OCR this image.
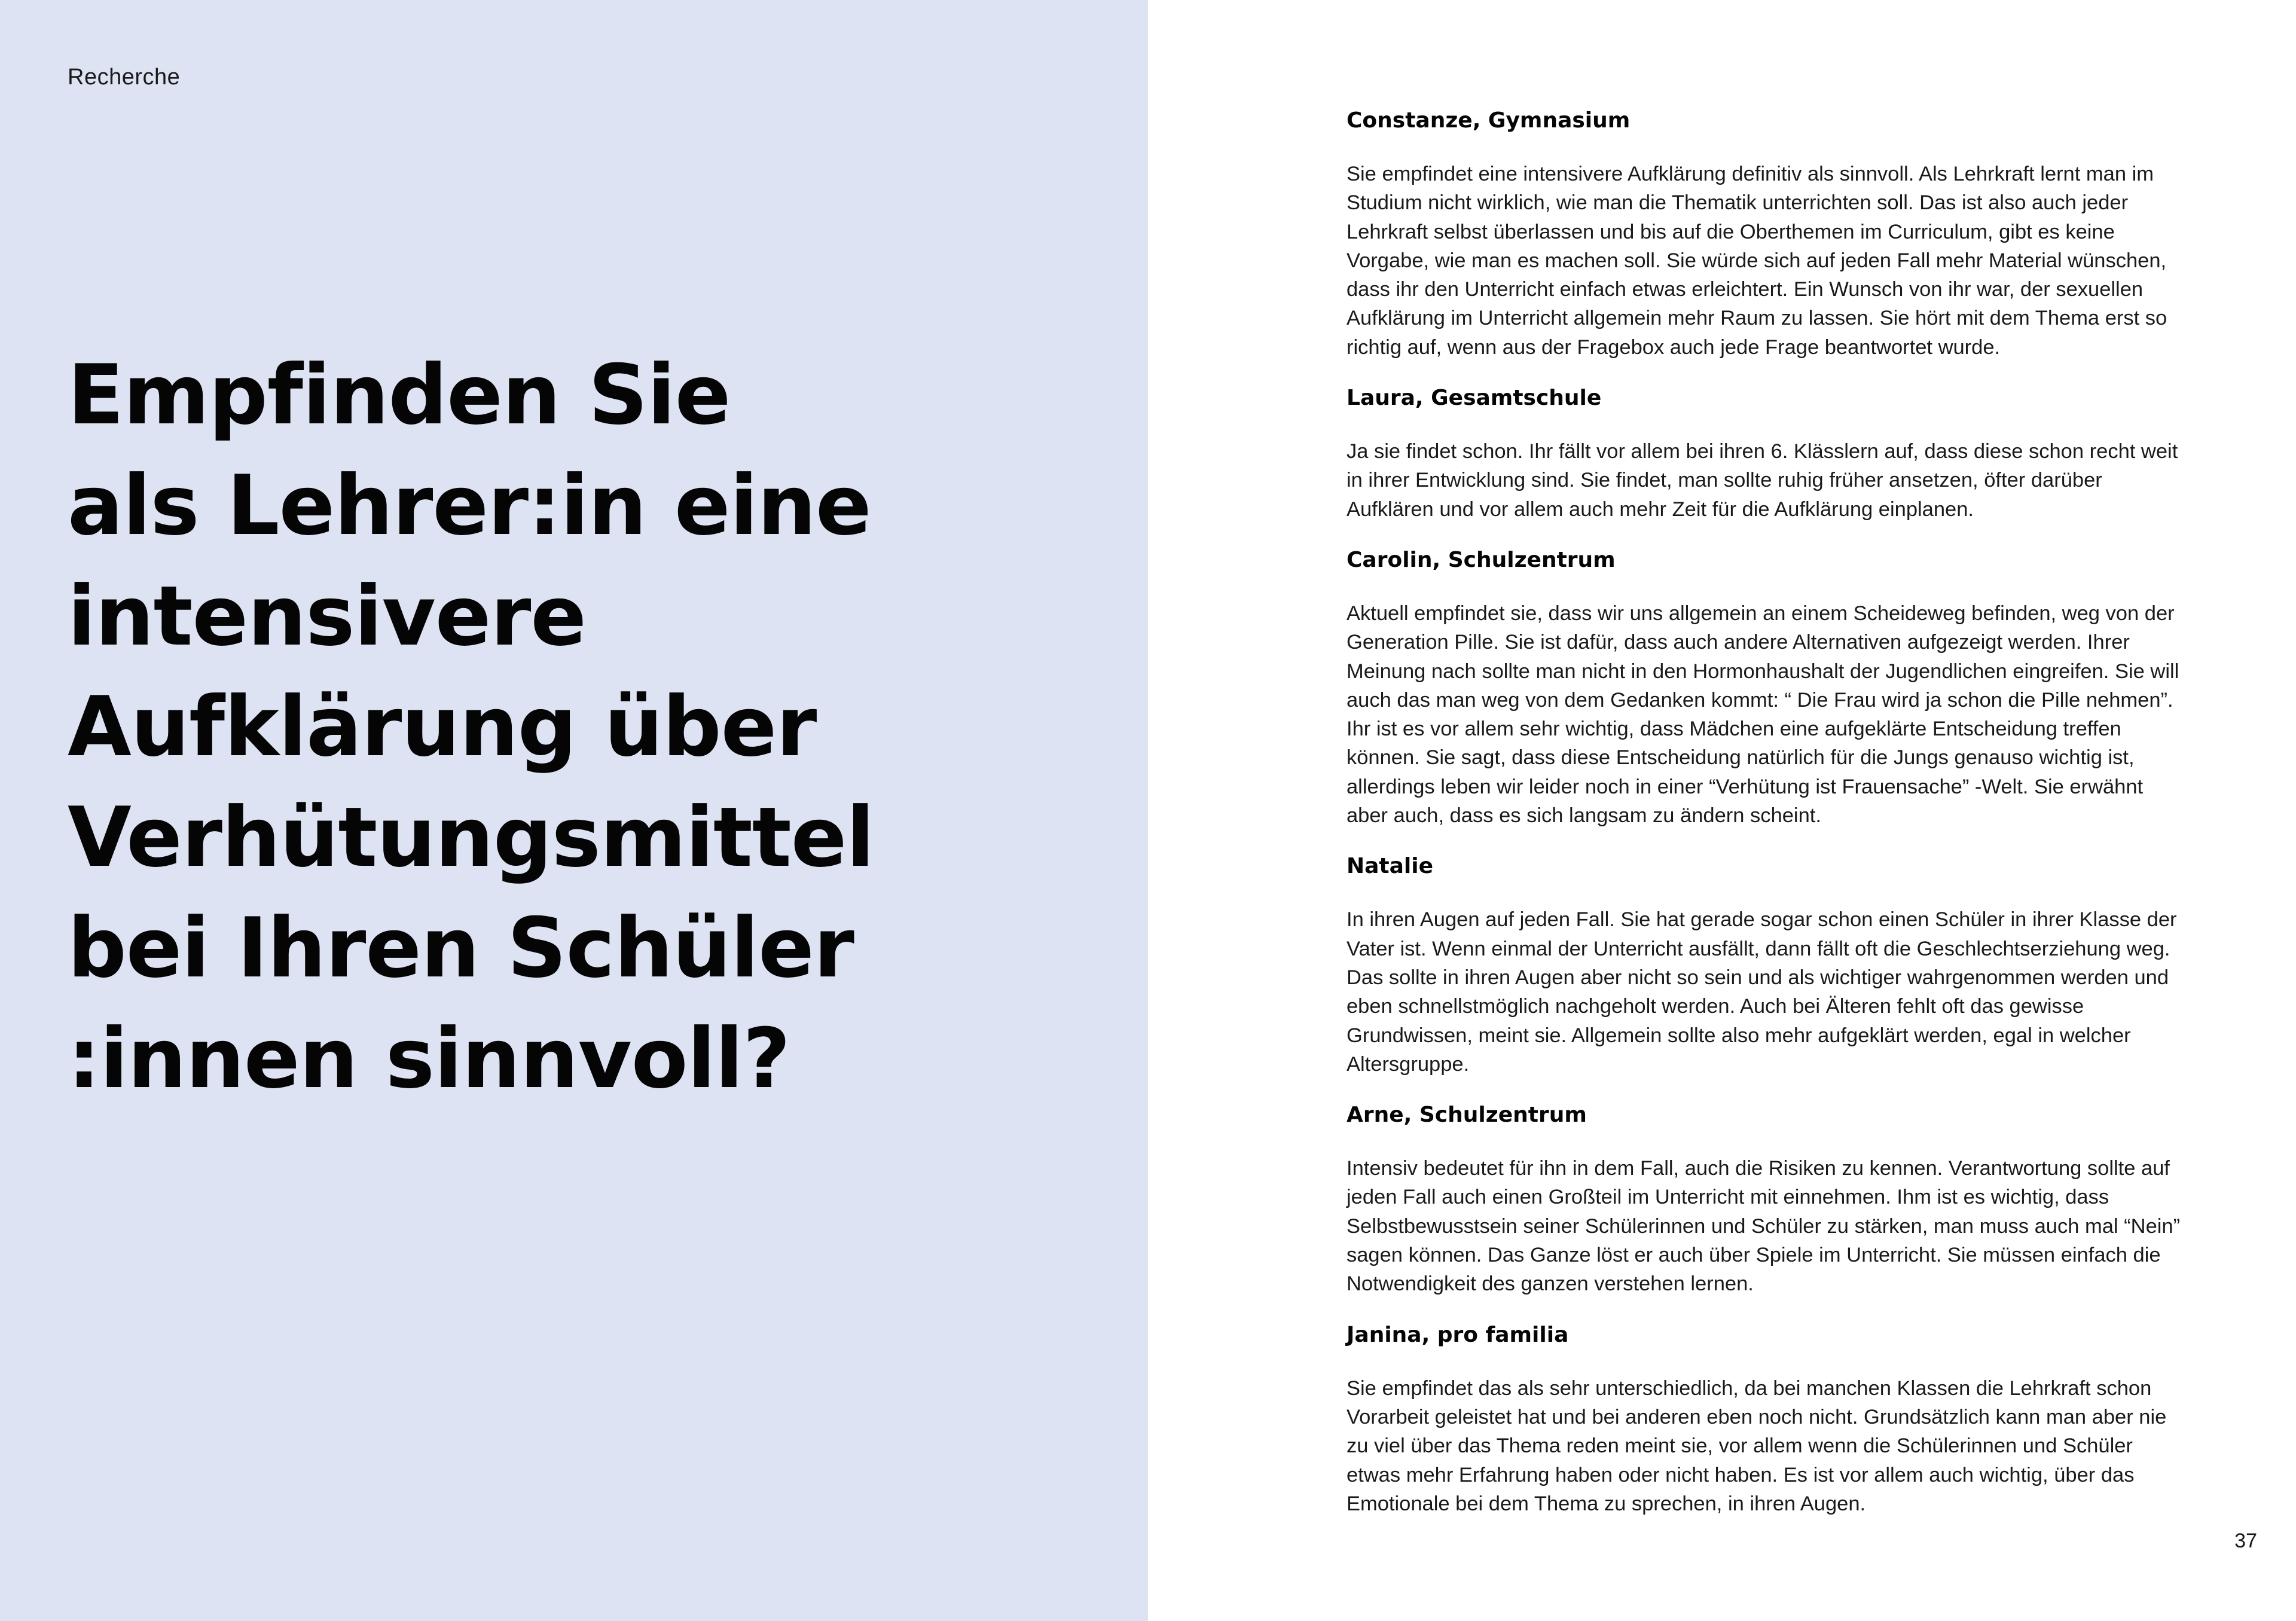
Recherche
Empfinden Sie
als Lehrer:in eine
intensivere
Aufklärung über
Verhütungsmittel
bei Ihren Schüler
:innen sinnvoll?
Constanze, Gymnasium

Sie empfindet eine intensivere Aufklärung definitiv als sinnvoll. Als Lehrkraft lernt man im Studium nicht wirklich, wie man die Thematik unterrichten soll. Das ist also auch jeder Lehrkraft selbst überlassen und bis auf die Oberthemen im Curriculum, gibt es keine Vorgabe, wie man es machen soll. Sie würde sich auf jeden Fall mehr Material wünschen, dass ihr den Unterricht einfach etwas erleichtert. Ein Wunsch von ihr war, der sexuellen Aufklärung im Unterricht allgemein mehr Raum zu lassen. Sie hört mit dem Thema erst so richtig auf, wenn aus der Fragebox auch jede Frage beantwortet wurde.

Laura, Gesamtschule

Ja sie findet schon. Ihr fällt vor allem bei ihren 6. Klässlern auf, dass diese schon recht weit in ihrer Entwicklung sind. Sie findet, man sollte ruhig früher ansetzen, öfter darüber Aufklären und vor allem auch mehr Zeit für die Aufklärung einplanen.

Carolin, Schulzentrum

Aktuell empfindet sie, dass wir uns allgemein an einem Scheideweg befinden, weg von der Generation Pille. Sie ist dafür, dass auch andere Alternativen aufgezeigt werden. Ihrer Meinung nach sollte man nicht in den Hormonhaushalt der Jugendlichen eingreifen. Sie will auch das man weg von dem Gedanken kommt: “ Die Frau wird ja schon die Pille nehmen”. Ihr ist es vor allem sehr wichtig, dass Mädchen eine aufgeklärte Entscheidung treffen können. Sie sagt, dass diese Entscheidung natürlich für die Jungs genauso wichtig ist, allerdings leben wir leider noch in einer “Verhütung ist Frauensache” -Welt. Sie erwähnt aber auch, dass es sich langsam zu ändern scheint.

Natalie

In ihren Augen auf jeden Fall. Sie hat gerade sogar schon einen Schüler in ihrer Klasse der Vater ist. Wenn einmal der Unterricht ausfällt, dann fällt oft die Geschlechtserziehung weg. Das sollte in ihren Augen aber nicht so sein und als wichtiger wahrgenommen werden und eben schnellstmöglich nachgeholt werden. Auch bei Älteren fehlt oft das gewisse Grundwissen, meint sie. Allgemein sollte also mehr aufgeklärt werden, egal in welcher Altersgruppe.

Arne, Schulzentrum

Intensiv bedeutet für ihn in dem Fall, auch die Risiken zu kennen. Verantwortung sollte auf jeden Fall auch einen Großteil im Unterricht mit einnehmen. Ihm ist es wichtig, dass Selbstbewusstsein seiner Schülerinnen und Schüler zu stärken, man muss auch mal “Nein” sagen können. Das Ganze löst er auch über Spiele im Unterricht. Sie müssen einfach die Notwendigkeit des ganzen verstehen lernen.

Janina, pro familia

Sie empfindet das als sehr unterschiedlich, da bei manchen Klassen die Lehrkraft schon Vorarbeit geleistet hat und bei anderen eben noch nicht. Grundsätzlich kann man aber nie zu viel über das Thema reden meint sie, vor allem wenn die Schülerinnen und Schüler etwas mehr Erfahrung haben oder nicht haben. Es ist vor allem auch wichtig, über das Emotionale bei dem Thema zu sprechen, in ihren Augen.

37
